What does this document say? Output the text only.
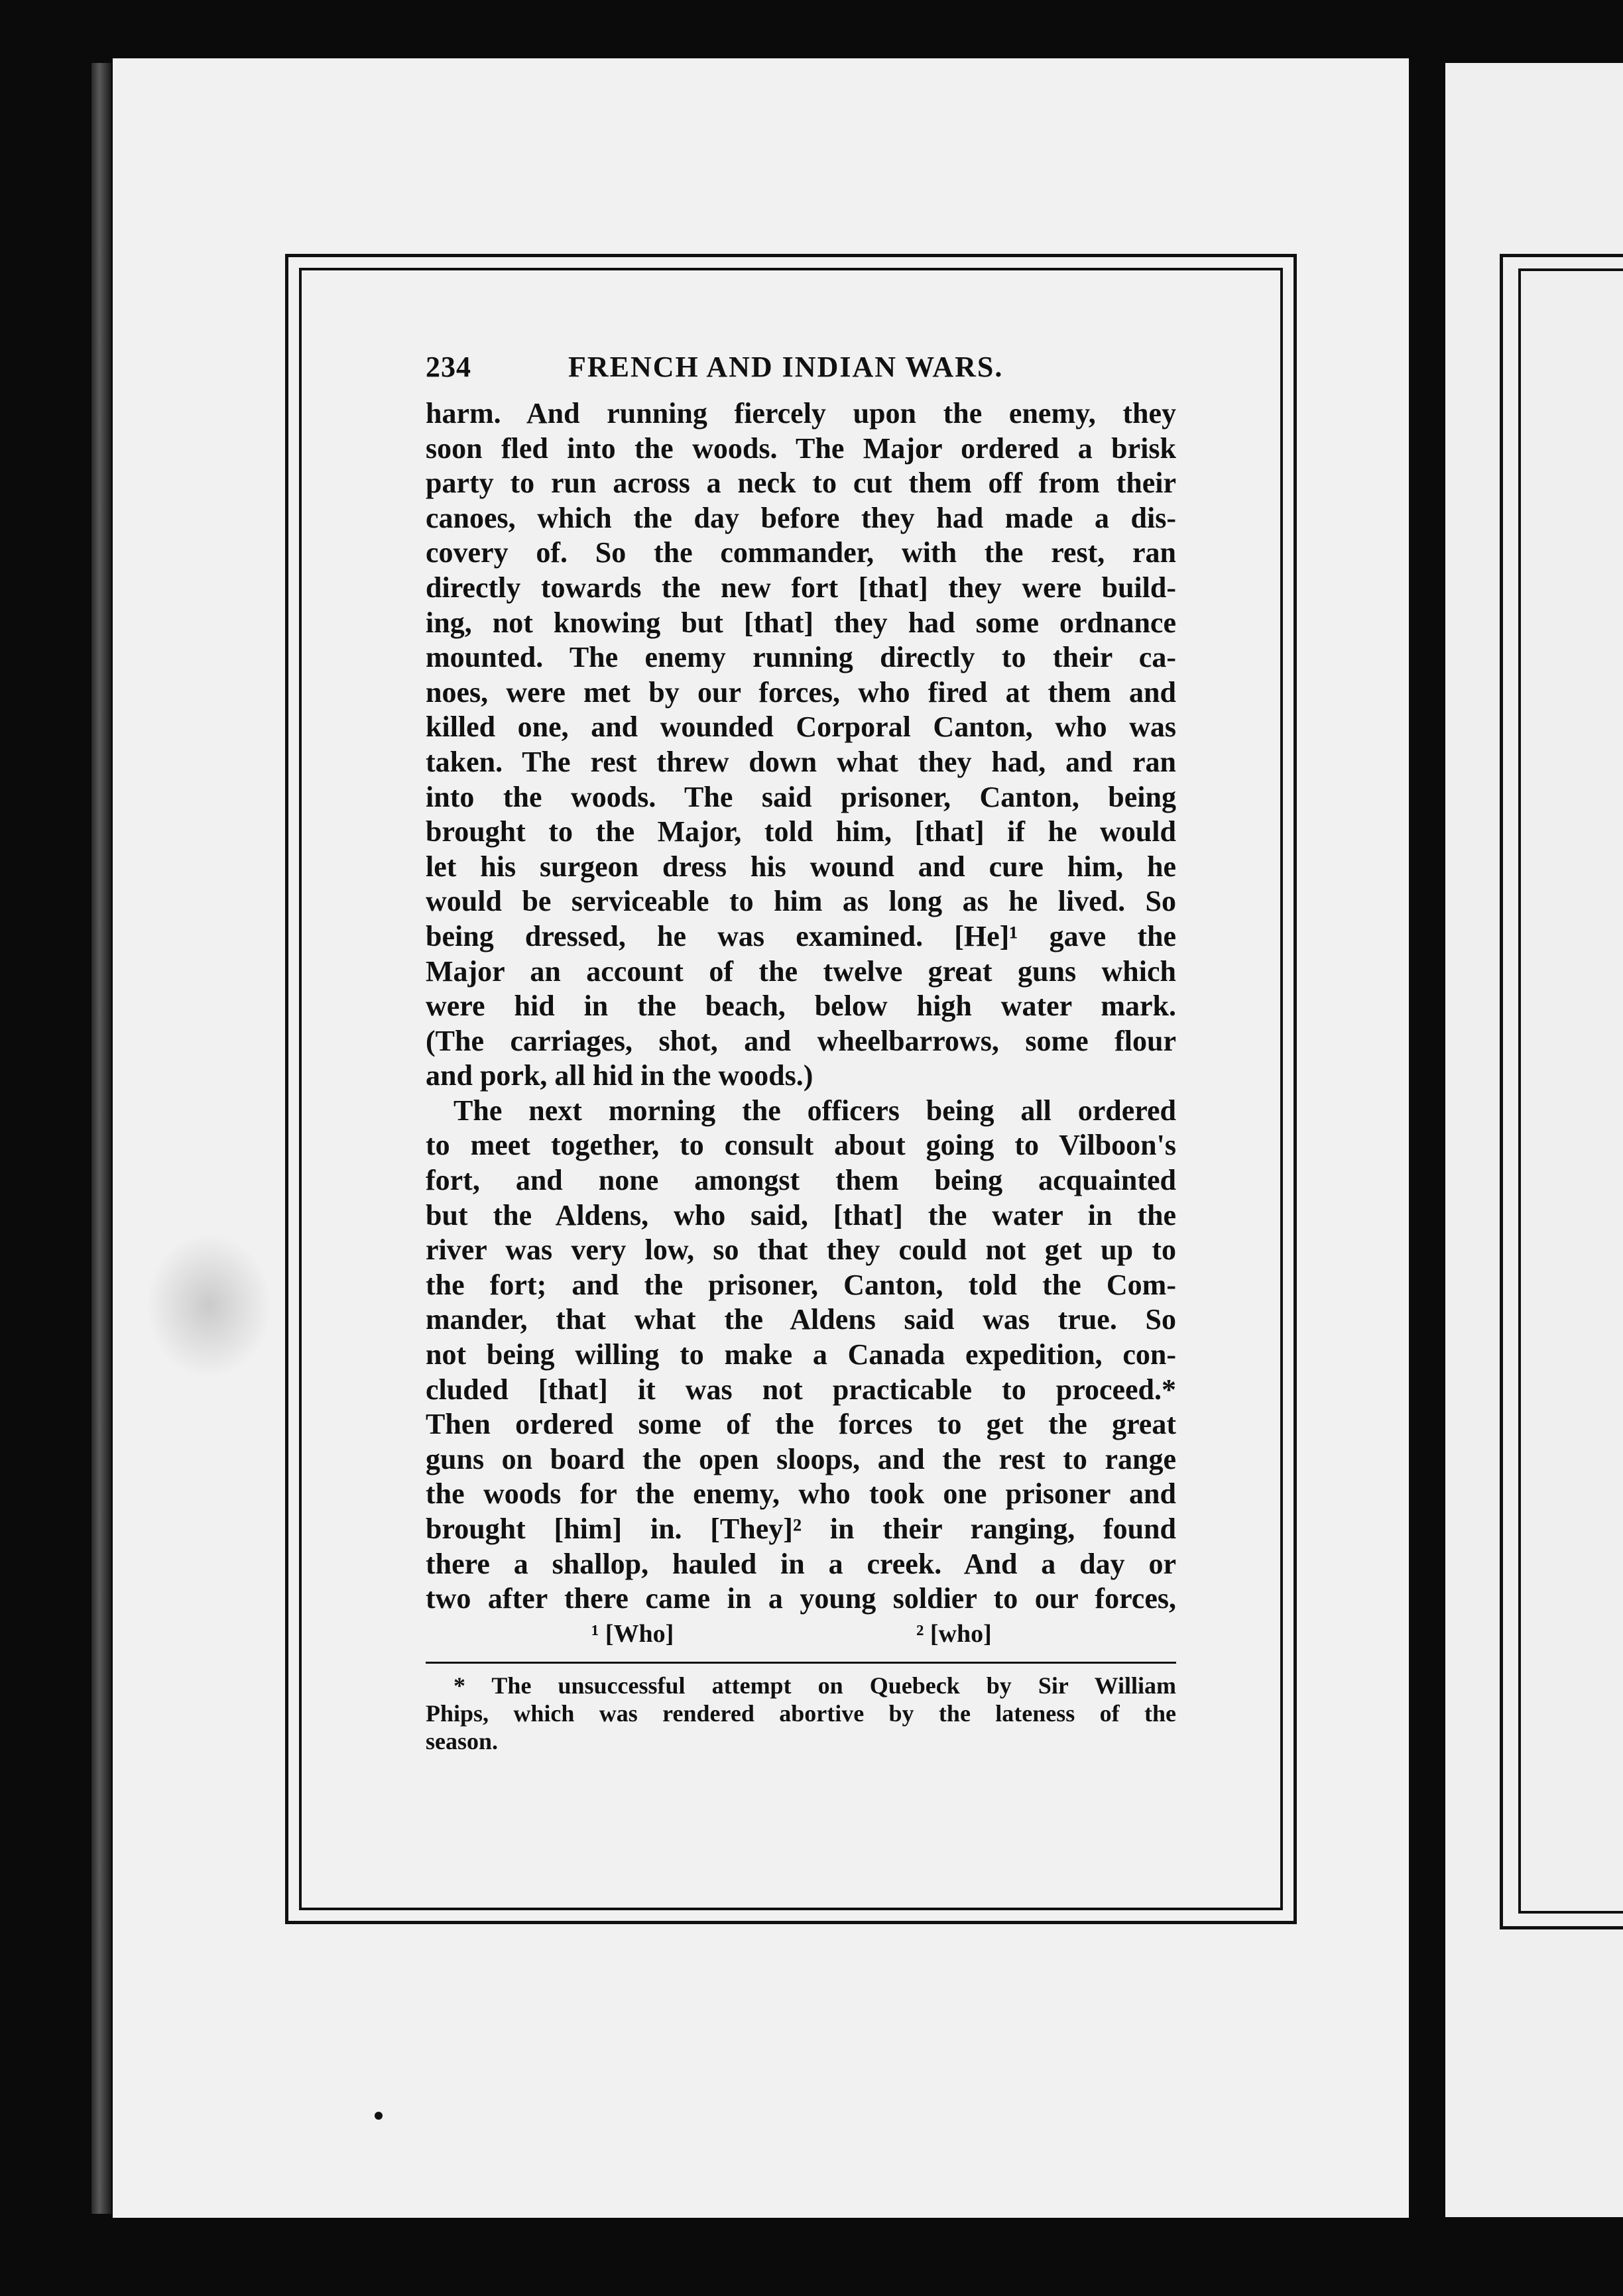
234	FRENCH AND INDIAN WARS.
harm. And running fiercely upon the enemy, they
soon fled into the woods. The Major ordered a brisk
party to run across a neck to cut them off from their
canoes, which the day before they had made a dis-
covery of. So the commander, with the rest, ran
directly towards the new fort [that] they were build-
ing, not knowing but [that] they had some ordnance
mounted. The enemy running directly to their ca-
noes, were met by our forces, who fired at them and
killed one, and wounded Corporal Canton, who was
taken. The rest threw down what they had, and ran
into the woods. The said prisoner, Canton, being
brought to the Major, told him, [that] if he would
let his surgeon dress his wound and cure him, he
would be serviceable to him as long as he lived. So
being dressed, he was examined. [He]¹ gave the
Major an account of the twelve great guns which
were hid in the beach, below high water mark.
(The carriages, shot, and wheelbarrows, some flour
and pork, all hid in the woods.)
The next morning the officers being all ordered
to meet together, to consult about going to Vilboon's
fort, and none amongst them being acquainted
but the Aldens, who said, [that] the water in the
river was very low, so that they could not get up to
the fort; and the prisoner, Canton, told the Com-
mander, that what the Aldens said was true. So
not being willing to make a Canada expedition, con-
cluded [that] it was not practicable to proceed.*
Then ordered some of the forces to get the great
guns on board the open sloops, and the rest to range
the woods for the enemy, who took one prisoner and
brought [him] in. [They]² in their ranging, found
there a shallop, hauled in a creek. And a day or
two after there came in a young soldier to our forces,
¹ [Who]	² [who]
* The unsuccessful attempt on Quebeck by Sir William
Phips, which was rendered abortive by the lateness of the
season.
